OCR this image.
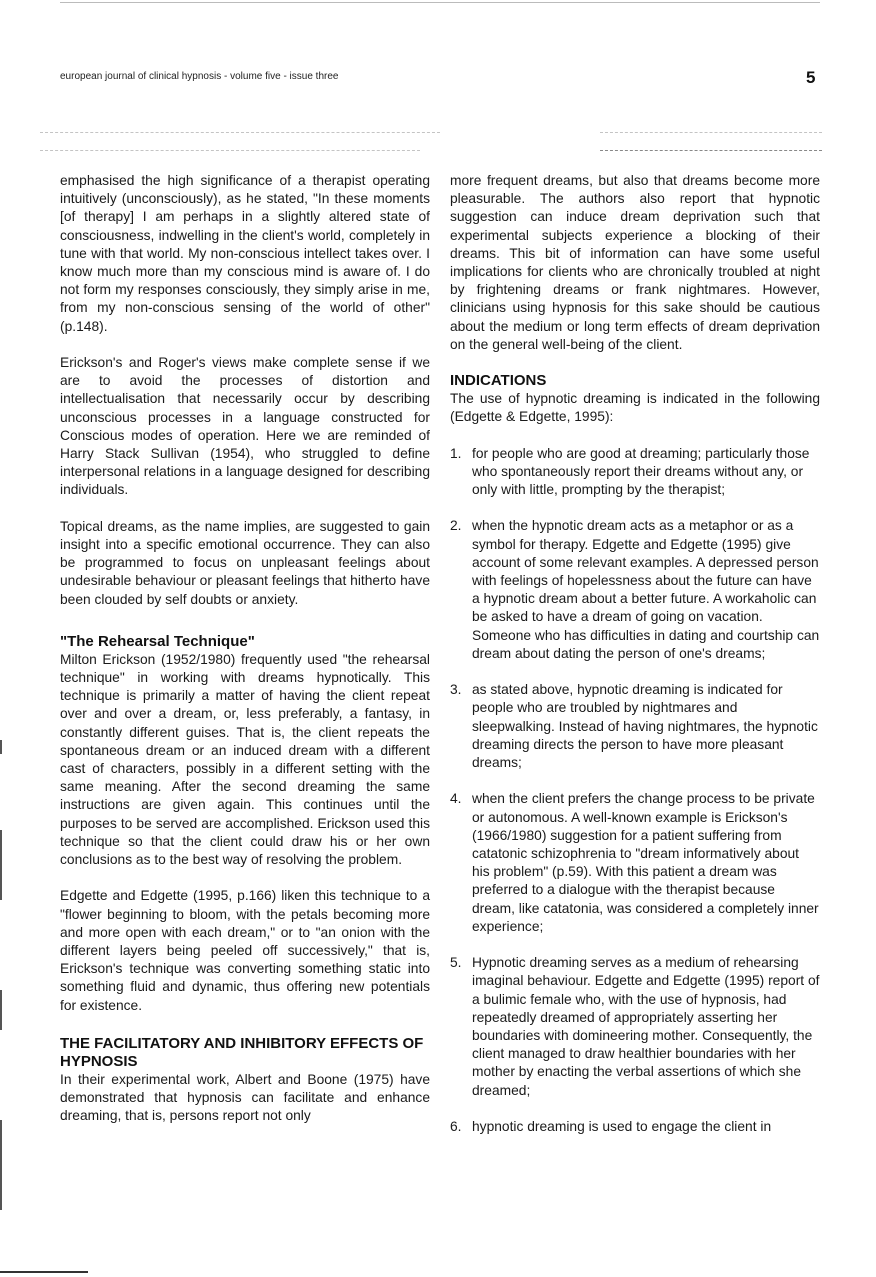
european journal of clinical hypnosis - volume five - issue three	5

emphasised the high significance of a therapist operating intuitively (unconsciously), as he stated, "In these moments [of therapy] I am perhaps in a slightly altered state of consciousness, indwelling in the client's world, completely in tune with that world. My non-conscious intellect takes over. I know much more than my conscious mind is aware of. I do not form my responses consciously, they simply arise in me, from my non-conscious sensing of the world of other" (p.148).

Erickson's and Roger's views make complete sense if we are to avoid the processes of distortion and intellectualisation that necessarily occur by describing unconscious processes in a language constructed for Conscious modes of operation. Here we are reminded of Harry Stack Sullivan (1954), who struggled to define interpersonal relations in a language designed for describing individuals.

Topical dreams, as the name implies, are suggested to gain insight into a specific emotional occurrence. They can also be programmed to focus on unpleasant feelings about undesirable behaviour or pleasant feelings that hitherto have been clouded by self doubts or anxiety.

"The Rehearsal Technique"

Milton Erickson (1952/1980) frequently used "the rehearsal technique" in working with dreams hypnotically. This technique is primarily a matter of having the client repeat over and over a dream, or, less preferably, a fantasy, in constantly different guises. That is, the client repeats the spontaneous dream or an induced dream with a different cast of characters, possibly in a different setting with the same meaning. After the second dreaming the same instructions are given again. This continues until the purposes to be served are accomplished. Erickson used this technique so that the client could draw his or her own conclusions as to the best way of resolving the problem.

Edgette and Edgette (1995, p.166) liken this technique to a "flower beginning to bloom, with the petals becoming more and more open with each dream," or to "an onion with the different layers being peeled off successively," that is, Erickson's technique was converting something static into something fluid and dynamic, thus offering new potentials for existence.

THE FACILITATORY AND INHIBITORY EFFECTS OF HYPNOSIS

In their experimental work, Albert and Boone (1975) have demonstrated that hypnosis can facilitate and enhance dreaming, that is, persons report not only

more frequent dreams, but also that dreams become more pleasurable. The authors also report that hypnotic suggestion can induce dream deprivation such that experimental subjects experience a blocking of their dreams. This bit of information can have some useful implications for clients who are chronically troubled at night by frightening dreams or frank nightmares. However, clinicians using hypnosis for this sake should be cautious about the medium or long term effects of dream deprivation on the general well-being of the client.

INDICATIONS

The use of hypnotic dreaming is indicated in the following (Edgette & Edgette, 1995):

1. for people who are good at dreaming; particularly those who spontaneously report their dreams without any, or only with little, prompting by the therapist;
2. when the hypnotic dream acts as a metaphor or as a symbol for therapy. Edgette and Edgette (1995) give account of some relevant examples. A depressed person with feelings of hopelessness about the future can have a hypnotic dream about a better future. A workaholic can be asked to have a dream of going on vacation. Someone who has difficulties in dating and courtship can dream about dating the person of one's dreams;
3. as stated above, hypnotic dreaming is indicated for people who are troubled by nightmares and sleepwalking. Instead of having nightmares, the hypnotic dreaming directs the person to have more pleasant dreams;
4. when the client prefers the change process to be private or autonomous. A well-known example is Erickson's (1966/1980) suggestion for a patient suffering from catatonic schizophrenia to "dream informatively about his problem" (p.59). With this patient a dream was preferred to a dialogue with the therapist because dream, like catatonia, was considered a completely inner experience;
5. Hypnotic dreaming serves as a medium of rehearsing imaginal behaviour. Edgette and Edgette (1995) report of a bulimic female who, with the use of hypnosis, had repeatedly dreamed of appropriately asserting her boundaries with domineering mother. Consequently, the client managed to draw healthier boundaries with her mother by enacting the verbal assertions of which she dreamed;
6. hypnotic dreaming is used to engage the client in
